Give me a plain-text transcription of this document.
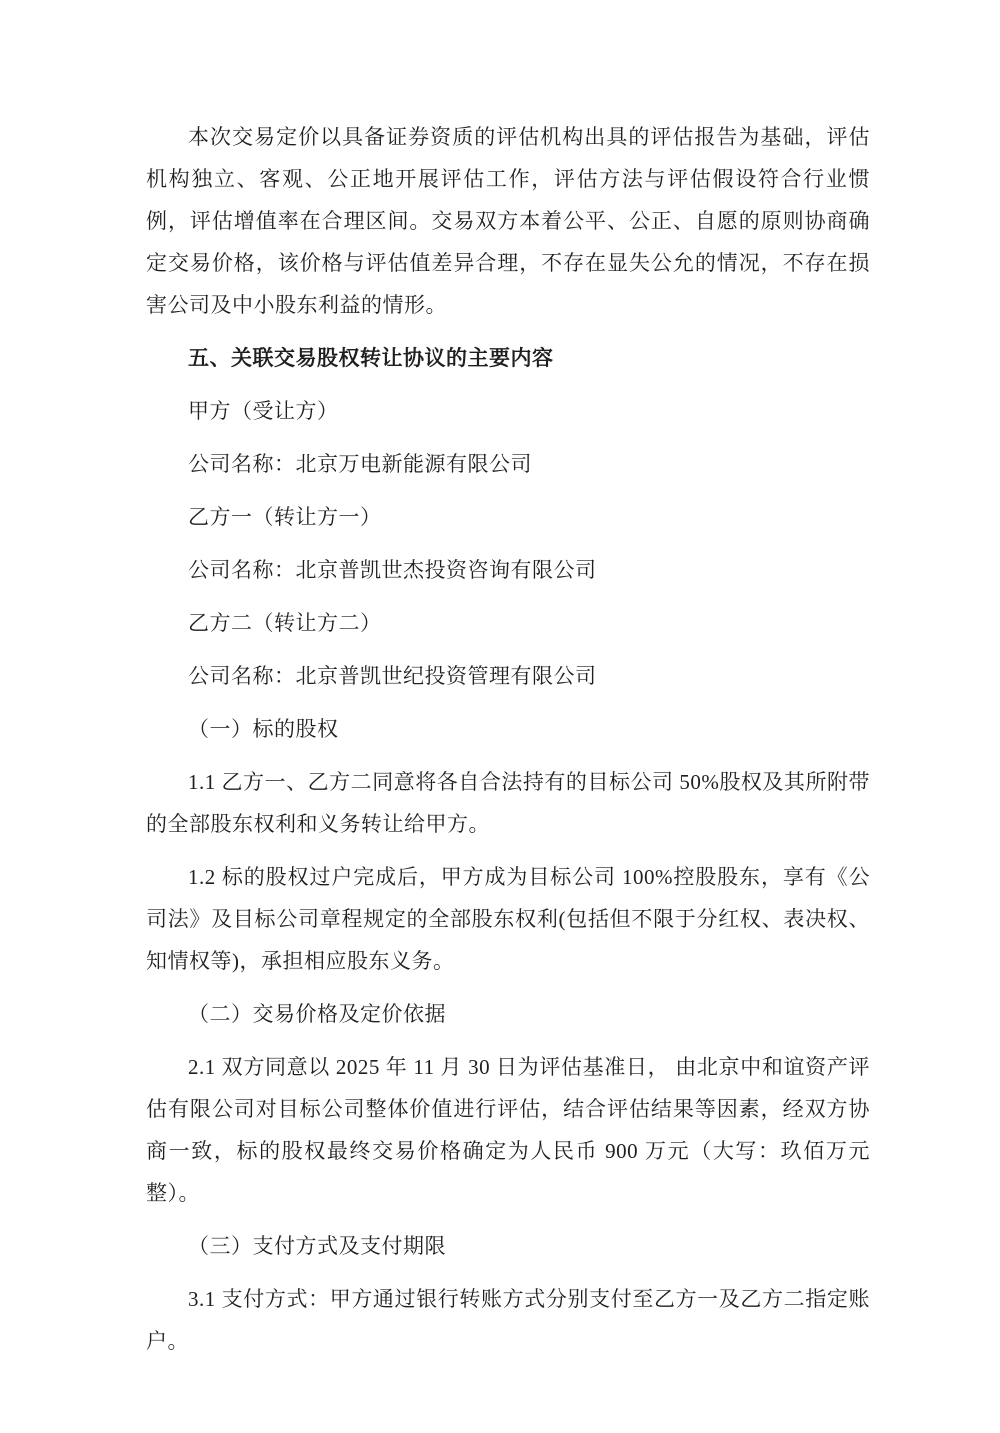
本次交易定价以具备证券资质的评估机构出具的评估报告为基础，评估机构独立、客观、公正地开展评估工作，评估方法与评估假设符合行业惯例，评估增值率在合理区间。交易双方本着公平、公正、自愿的原则协商确定交易价格，该价格与评估值差异合理，不存在显失公允的情况，不存在损害公司及中小股东利益的情形。

五、关联交易股权转让协议的主要内容

甲方（受让方）

公司名称：北京万电新能源有限公司

乙方一（转让方一）

公司名称：北京普凯世杰投资咨询有限公司

乙方二（转让方二）

公司名称：北京普凯世纪投资管理有限公司

（一）标的股权

1.1 乙方一、乙方二同意将各自合法持有的目标公司 50%股权及其所附带的全部股东权利和义务转让给甲方。

1.2 标的股权过户完成后，甲方成为目标公司 100%控股股东，享有《公司法》及目标公司章程规定的全部股东权利(包括但不限于分红权、表决权、知情权等)，承担相应股东义务。

（二）交易价格及定价依据

2.1 双方同意以 2025 年 11 月 30 日为评估基准日， 由北京中和谊资产评估有限公司对目标公司整体价值进行评估，结合评估结果等因素，经双方协商一致，标的股权最终交易价格确定为人民币 900 万元（大写：玖佰万元整）。

（三）支付方式及支付期限

3.1 支付方式：甲方通过银行转账方式分别支付至乙方一及乙方二指定账户。
